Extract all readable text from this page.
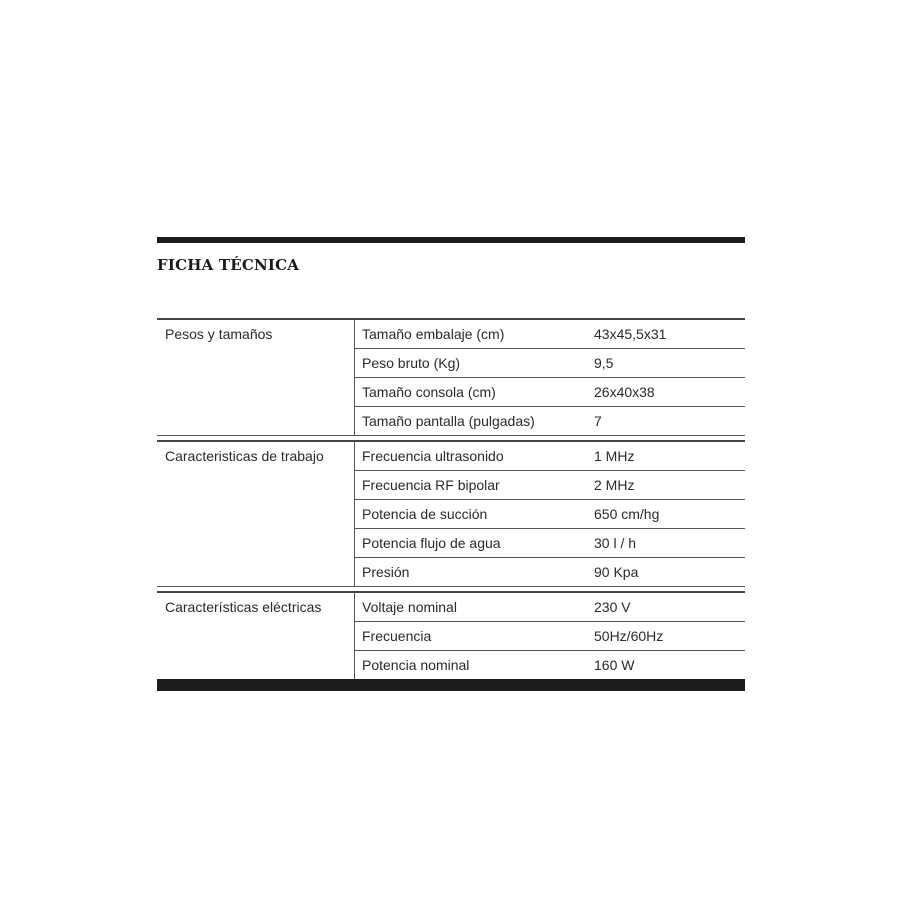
FICHA TÉCNICA
Pesos y tamaños	Tamaño embalaje (cm)	43x45,5x31
Peso bruto (Kg)	9,5
Tamaño consola (cm)	26x40x38
Tamaño pantalla (pulgadas)	7
Caracteristicas de trabajo	Frecuencia ultrasonido	1 MHz
Frecuencia RF bipolar	2 MHz
Potencia de succión	650 cm/hg
Potencia flujo de agua	30 l / h
Presión	90 Kpa
Características eléctricas	Voltaje nominal	230 V
Frecuencia	50Hz/60Hz
Potencia nominal	160 W
